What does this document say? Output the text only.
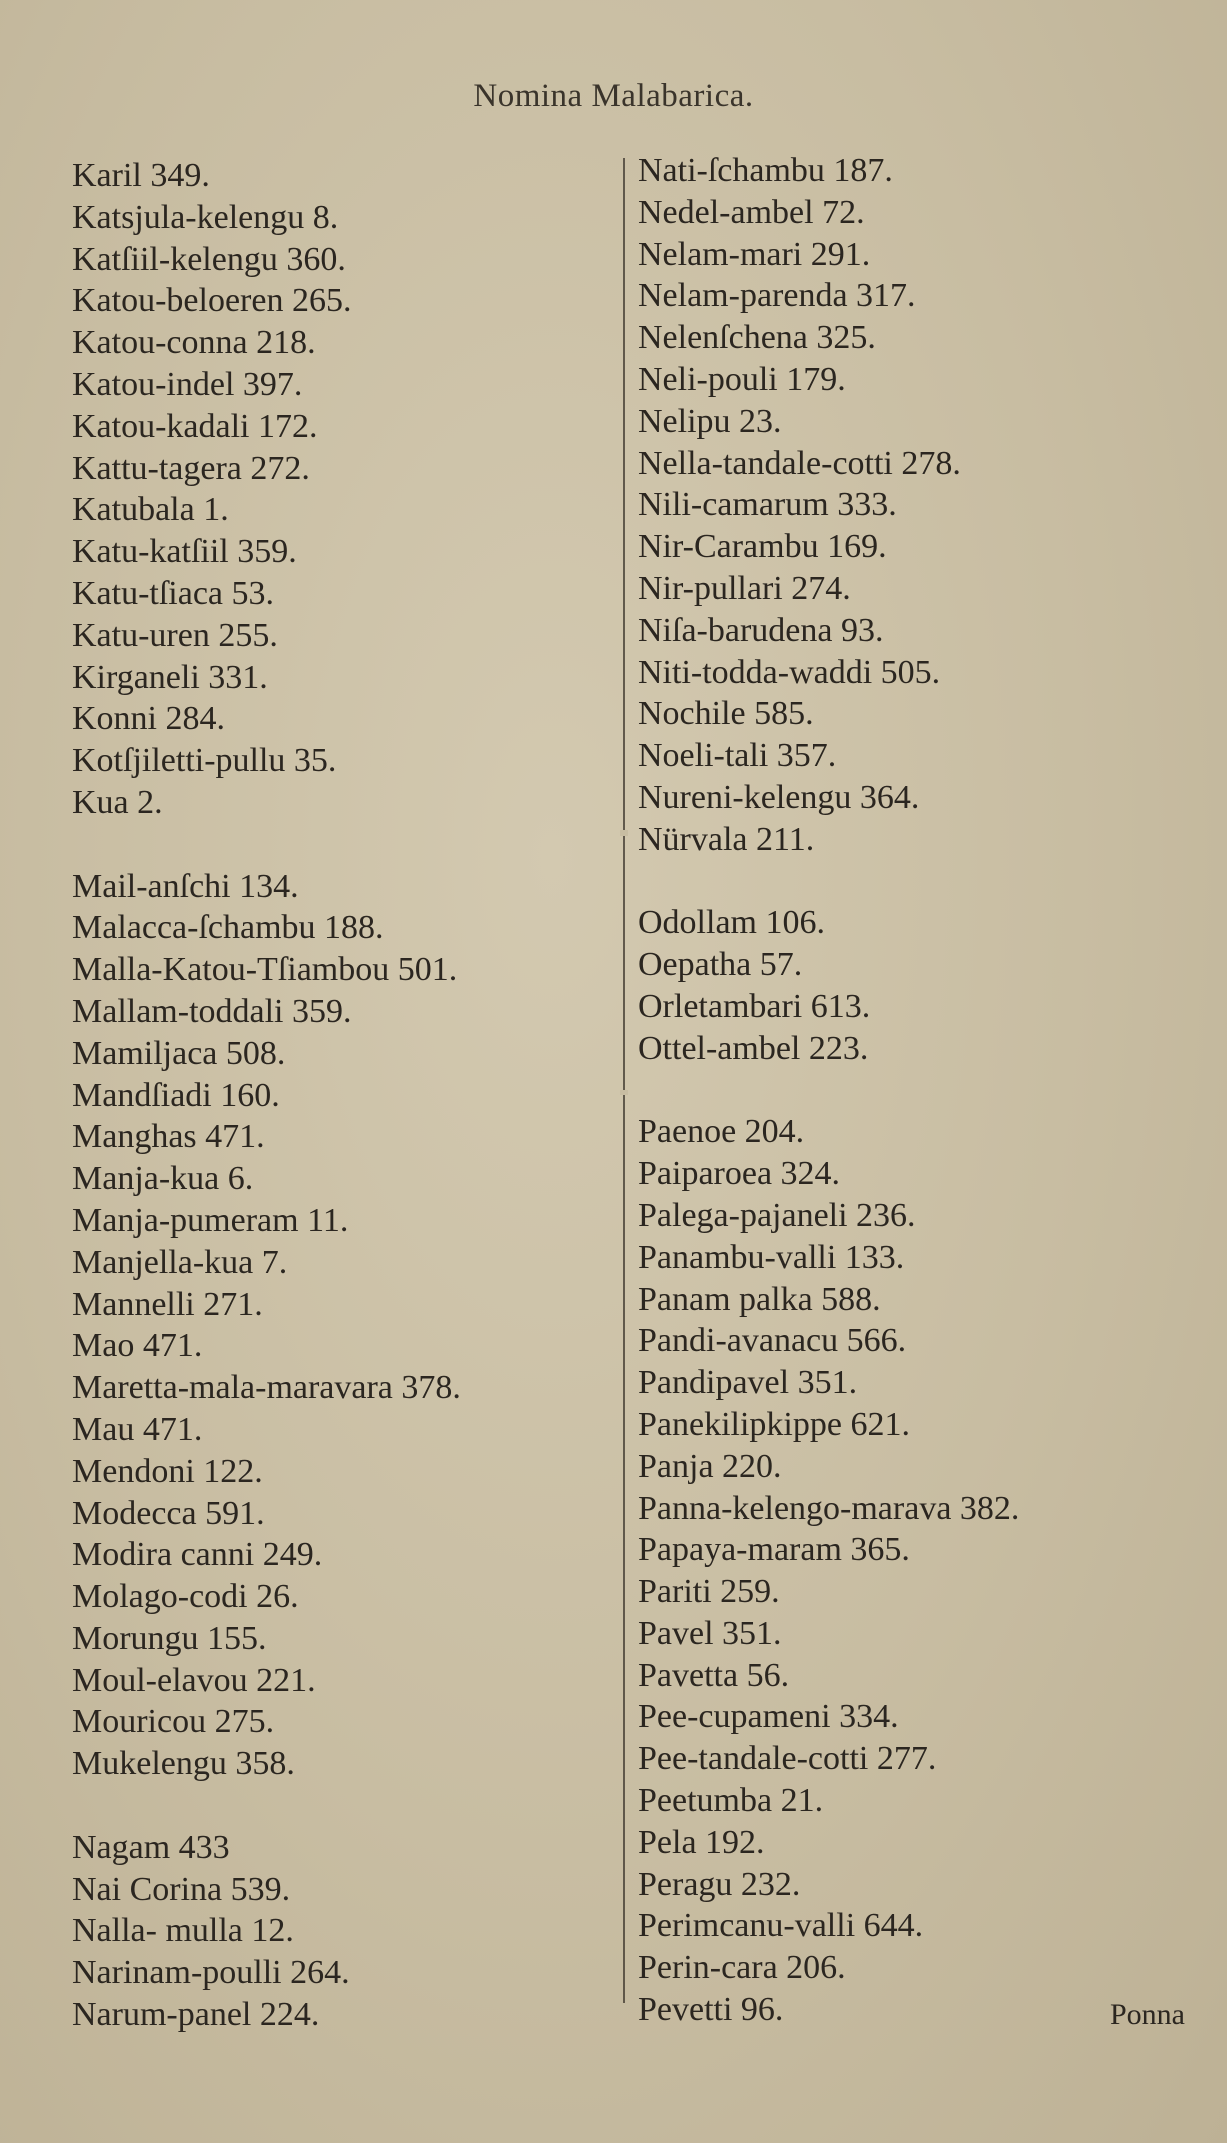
Nomina Malabarica.
Karil 349.
Katsjula-kelengu 8.
Katſiil-kelengu 360.
Katou-beloeren 265.
Katou-conna 218.
Katou-indel 397.
Katou-kadali 172.
Kattu-tagera 272.
Katubala 1.
Katu-katſiil 359.
Katu-tſiaca 53.
Katu-uren 255.
Kirganeli 331.
Konni 284.
Kotſjiletti-pullu 35.
Kua 2.
Mail-anſchi 134.
Malacca-ſchambu 188.
Malla-Katou-Tſiambou 501.
Mallam-toddali 359.
Mamiljaca 508.
Mandſiadi 160.
Manghas 471.
Manja-kua 6.
Manja-pumeram 11.
Manjella-kua 7.
Mannelli 271.
Mao 471.
Maretta-mala-maravara 378.
Mau 471.
Mendoni 122.
Modecca 591.
Modira canni 249.
Molago-codi 26.
Morungu 155.
Moul-elavou 221.
Mouricou 275.
Mukelengu 358.
Nagam 433
Nai Corina 539.
Nalla- mulla 12.
Narinam-poulli 264.
Narum-panel 224.
Nati-ſchambu 187.
Nedel-ambel 72.
Nelam-mari 291.
Nelam-parenda 317.
Nelenſchena 325.
Neli-pouli 179.
Nelipu 23.
Nella-tandale-cotti 278.
Nili-camarum 333.
Nir-Carambu 169.
Nir-pullari 274.
Niſa-barudena 93.
Niti-todda-waddi 505.
Nochile 585.
Noeli-tali 357.
Nureni-kelengu 364.
Nürvala 211.
Odollam 106.
Oepatha 57.
Orletambari 613.
Ottel-ambel 223.
Paenoe 204.
Paiparoea 324.
Palega-pajaneli 236.
Panambu-valli 133.
Panam palka 588.
Pandi-avanacu 566.
Pandipavel 351.
Panekilipkippe 621.
Panja 220.
Panna-kelengo-marava 382.
Papaya-maram 365.
Pariti 259.
Pavel 351.
Pavetta 56.
Pee-cupameni 334.
Pee-tandale-cotti 277.
Peetumba 21.
Pela 192.
Peragu 232.
Perimcanu-valli 644.
Perin-cara 206.
Pevetti 96.	Ponna
